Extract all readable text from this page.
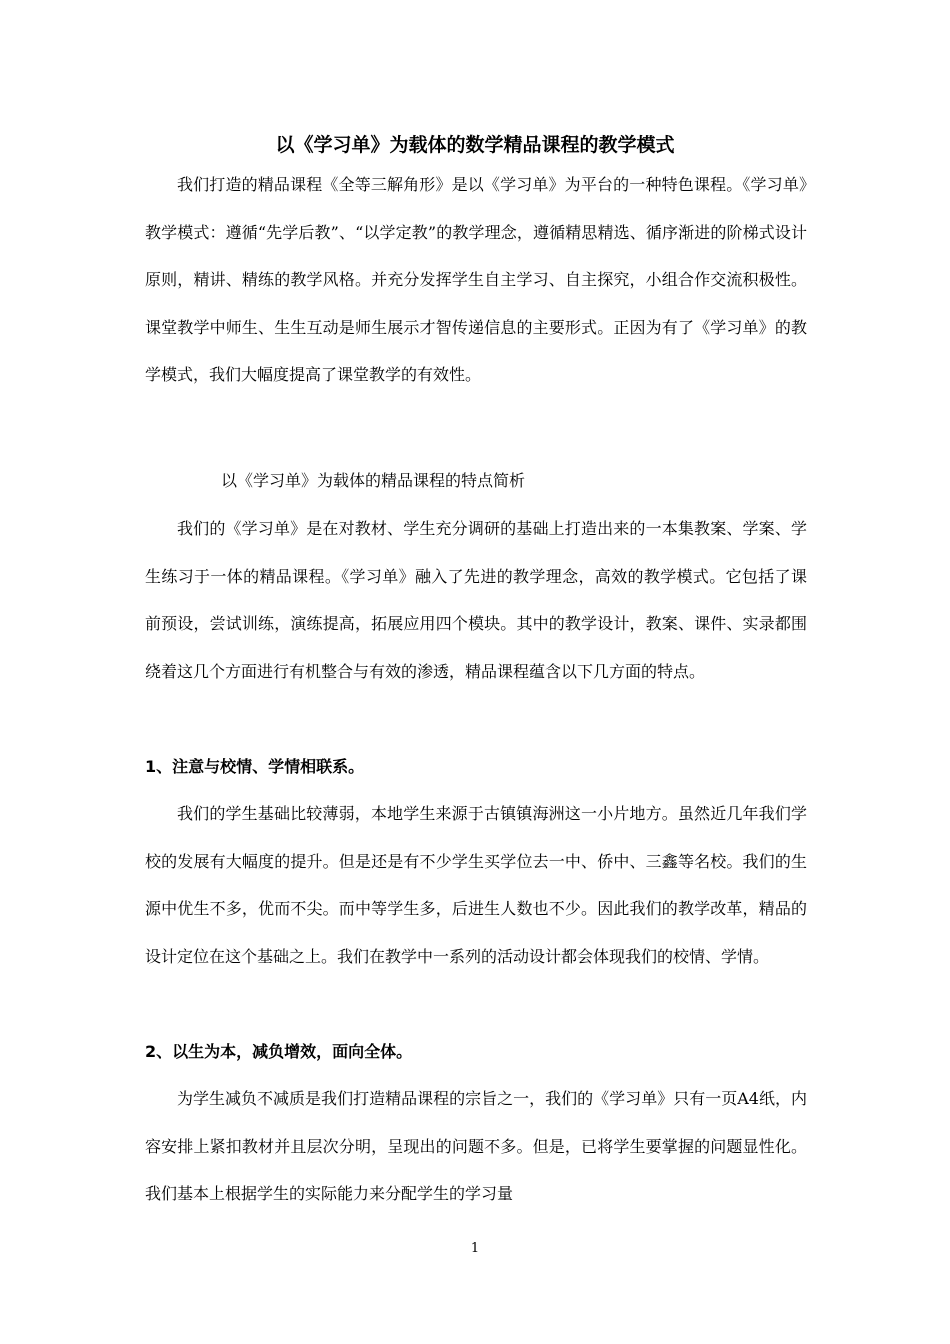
以《学习单》为载体的数学精品课程的教学模式

我们打造的精品课程《全等三解角形》是以《学习单》为平台的一种特色课程。《学习单》教学模式：遵循“先学后教”、“以学定教”的教学理念，遵循精思精选、循序渐进的阶梯式设计原则，精讲、精练的教学风格。并充分发挥学生自主学习、自主探究，小组合作交流积极性。课堂教学中师生、生生互动是师生展示才智传递信息的主要形式。正因为有了《学习单》的教学模式，我们大幅度提高了课堂教学的有效性。

以《学习单》为载体的精品课程的特点简析

我们的《学习单》是在对教材、学生充分调研的基础上打造出来的一本集教案、学案、学生练习于一体的精品课程。《学习单》融入了先进的教学理念，高效的教学模式。它包括了课前预设，尝试训练，演练提高，拓展应用四个模块。其中的教学设计，教案、课件、实录都围绕着这几个方面进行有机整合与有效的渗透，精品课程蕴含以下几方面的特点。

1、注意与校情、学情相联系。

我们的学生基础比较薄弱，本地学生来源于古镇镇海洲这一小片地方。虽然近几年我们学校的发展有大幅度的提升。但是还是有不少学生买学位去一中、侨中、三鑫等名校。我们的生源中优生不多，优而不尖。而中等学生多，后进生人数也不少。因此我们的教学改革，精品的设计定位在这个基础之上。我们在教学中一系列的活动设计都会体现我们的校情、学情。

2、以生为本，减负增效，面向全体。

为学生减负不减质是我们打造精品课程的宗旨之一，我们的《学习单》只有一页A4纸，内容安排上紧扣教材并且层次分明，呈现出的问题不多。但是，已将学生要掌握的问题显性化。我们基本上根据学生的实际能力来分配学生的学习量

1
